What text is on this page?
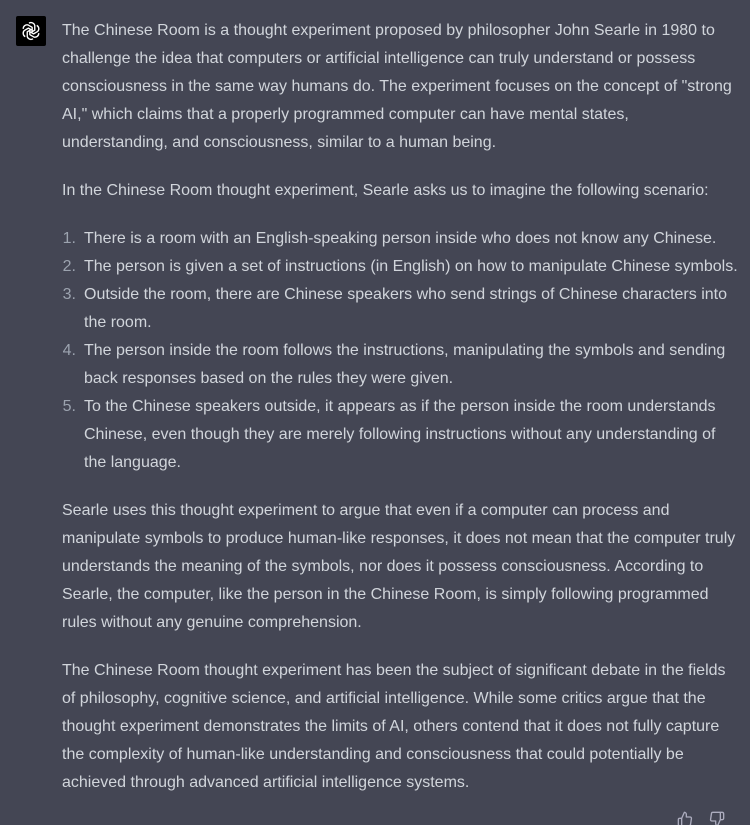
The Chinese Room is a thought experiment proposed by philosopher John Searle in 1980 to challenge the idea that computers or artificial intelligence can truly understand or possess consciousness in the same way humans do. The experiment focuses on the concept of "strong AI," which claims that a properly programmed computer can have mental states, understanding, and consciousness, similar to a human being.

In the Chinese Room thought experiment, Searle asks us to imagine the following scenario:

1 . There is a room with an English-speaking person inside who does not know any Chinese.
2 . The person is given a set of instructions (in English) on how to manipulate Chinese symbols.
3 . Outside the room, there are Chinese speakers who send strings of Chinese characters into the room.
4 . The person inside the room follows the instructions, manipulating the symbols and sending back responses based on the rules they were given.
5 . To the Chinese speakers outside, it appears as if the person inside the room understands Chinese, even though they are merely following instructions without any understanding of the language.

Searle uses this thought experiment to argue that even if a computer can process and manipulate symbols to produce human-like responses, it does not mean that the computer truly understands the meaning of the symbols, nor does it possess consciousness. According to Searle, the computer, like the person in the Chinese Room, is simply following programmed rules without any genuine comprehension.

The Chinese Room thought experiment has been the subject of significant debate in the fields of philosophy, cognitive science, and artificial intelligence. While some critics argue that the thought experiment demonstrates the limits of AI, others contend that it does not fully capture the complexity of human-like understanding and consciousness that could potentially be achieved through advanced artificial intelligence systems.
